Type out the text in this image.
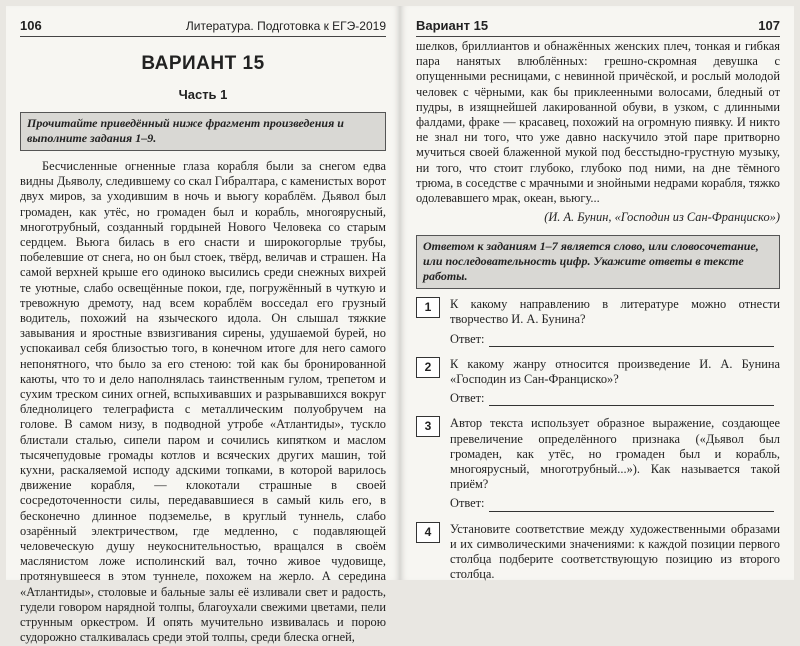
106	Литература. Подготовка к ЕГЭ-2019
ВАРИАНТ 15
Часть 1
Прочитайте приведённый ниже фрагмент произведения и выполните задания 1–9.

Бесчисленные огненные глаза корабля были за снегом едва видны Дьяволу, следившему со скал Гибралтара, с каменистых ворот двух миров, за уходившим в ночь и вьюгу кораблём. Дьявол был громаден, как утёс, но громаден был и корабль, многоярусный, многотрубный, созданный гордыней Нового Человека со старым сердцем. Вьюга билась в его снасти и широкогорлые трубы, побелевшие от снега, но он был стоек, твёрд, величав и страшен. На самой верхней крыше его одиноко высились среди снежных вихрей те уютные, слабо освещённые покои, где, погружённый в чуткую и тревожную дремоту, над всем кораблём восседал его грузный водитель, похожий на языческого идола. Он слышал тяжкие завывания и яростные взвизгивания сирены, удушаемой бурей, но успокаивал себя близостью того, в конечном итоге для него самого непонятного, что было за его стеною: той как бы бронированной каюты, что то и дело наполнялась таинственным гулом, трепетом и сухим треском синих огней, вспыхивавших и разрывавшихся вокруг бледнолицего телеграфиста с металлическим полуобручем на голове. В самом низу, в подводной утробе «Атлантиды», тускло блистали сталью, сипели паром и сочились кипятком и маслом тысячепудовые громады котлов и всяческих других машин, той кухни, раскаляемой исподу адскими топками, в которой варилось движение корабля, — клокотали страшные в своей сосредоточенности силы, передававшиеся в самый киль его, в бесконечно длинное подземелье, в круглый туннель, слабо озарённый электричеством, где медленно, с подавляющей человеческую душу неукоснительностью, вращался в своём маслянистом ложе исполинский вал, точно живое чудовище, протянувшееся в этом туннеле, похожем на жерло. А середина «Атлантиды», столовые и бальные залы её изливали свет и радость, гудели говором нарядной толпы, благоухали свежими цветами, пели струнным оркестром. И опять мучительно извивалась и порою судорожно сталкивалась среди этой толпы, среди блеска огней,

Вариант 15	107

шелков, бриллиантов и обнажённых женских плеч, тонкая и гибкая пара нанятых влюблённых: грешно-скромная девушка с опущенными ресницами, с невинной причёской, и рослый молодой человек с чёрными, как бы приклеенными волосами, бледный от пудры, в изящнейшей лакированной обуви, в узком, с длинными фалдами, фраке — красавец, похожий на огромную пиявку. И никто не знал ни того, что уже давно наскучило этой паре притворно мучиться своей блаженной мукой под бесстыдно-грустную музыку, ни того, что стоит глубоко, глубоко под ними, на дне тёмного трюма, в соседстве с мрачными и знойными недрами корабля, тяжко одолевавшего мрак, океан, вьюгу...

(И. А. Бунин, «Господин из Сан-Франциско»)
Ответом к заданиям 1–7 является слово, или словосочетание, или последовательность цифр. Укажите ответы в тексте работы.
1	К какому направлению в литературе можно отнести творчество И. А. Бунина?

Ответ:
2	К какому жанру относится произведение И. А. Бунина «Господин из Сан-Франциско»?

Ответ:
3	Автор текста использует образное выражение, создающее превеличение определённого признака («Дьявол был громаден, как утёс, но громаден был и корабль, многоярусный, многотрубный...»). Как называется такой приём?

Ответ:
4	Установите соответствие между художественными образами и их символическими значениями: к каждой позиции первого столбца подберите соответствующую позицию из второго столбца.
